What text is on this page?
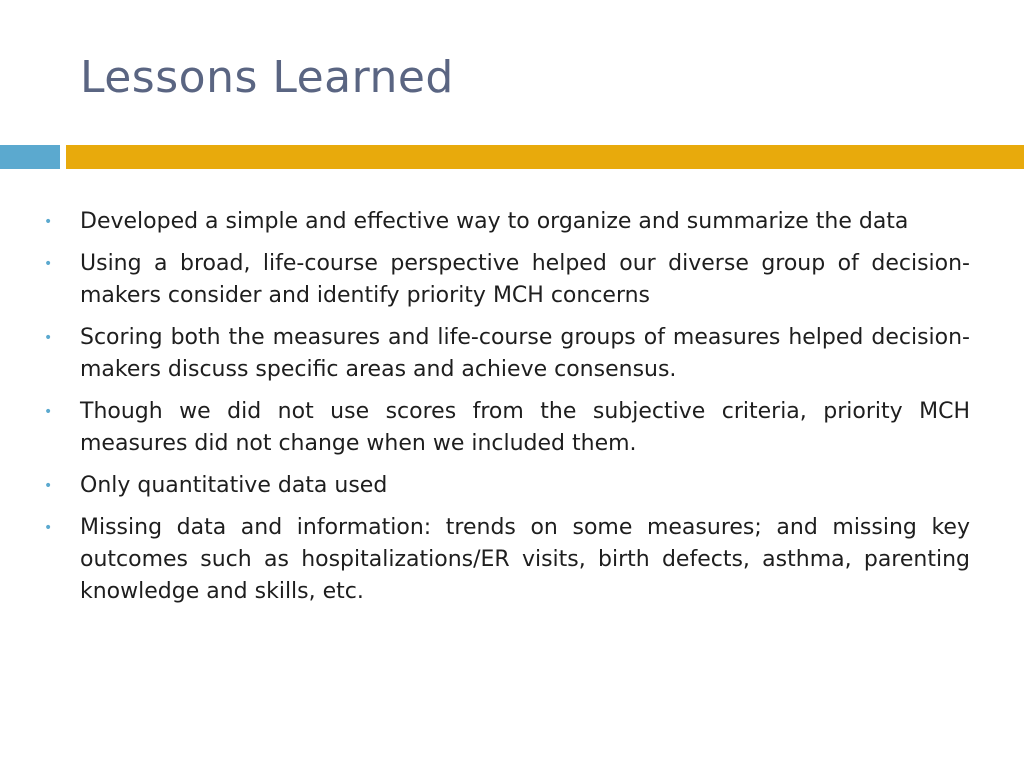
Lessons Learned
• Developed a simple and effective way to organize and summarize the data
• Using a broad, life-course perspective helped our diverse group of decision-makers consider and identify priority MCH concerns
• Scoring both the measures and life-course groups of measures helped decision-makers discuss specific areas and achieve consensus.
• Though we did not use scores from the subjective criteria, priority MCH measures did not change when we included them.
• Only quantitative data used
• Missing data and information: trends on some measures; and missing key outcomes such as hospitalizations/ER visits, birth defects, asthma, parenting knowledge and skills, etc.
